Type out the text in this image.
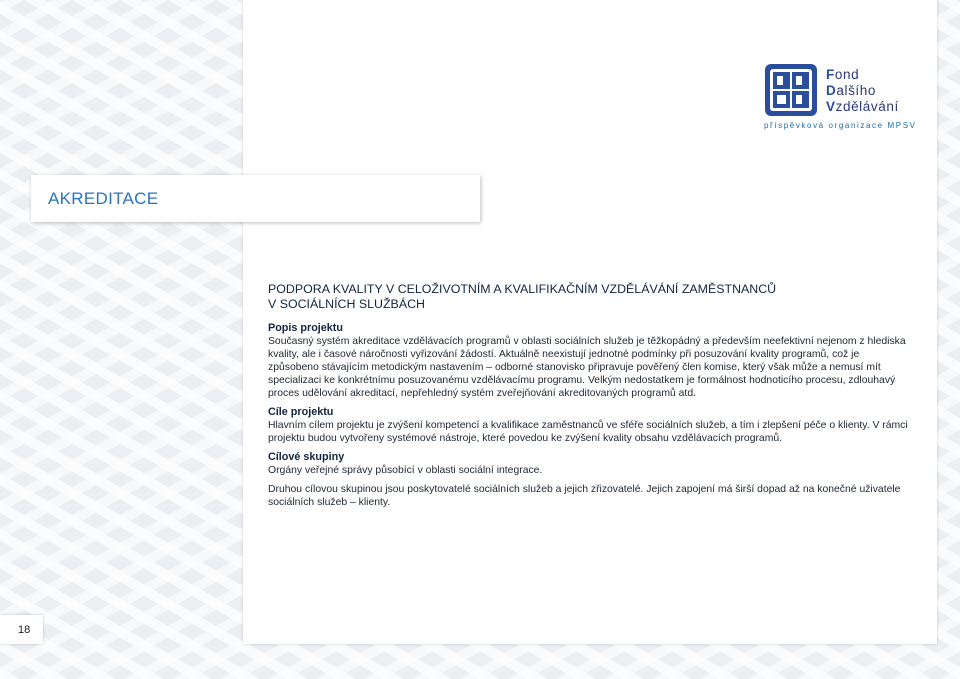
Fond
Dalšího
Vzdělávání
příspěvková organizace MPSV
AKREDITACE
PODPORA KVALITY V CELOŽIVOTNÍM A KVALIFIKAČNÍM VZDĚLÁVÁNÍ ZAMĚSTNANCŮ
V SOCIÁLNÍCH SLUŽBÁCH

Popis projektu

Současný systém akreditace vzdělávacích programů v oblasti sociálních služeb je těžkopádný a především neefektivní nejenom z hlediska kvality, ale i časové náročnosti vyřizování žádostí. Aktuálně neexistují jednotné podmínky při posuzování kvality programů, což je způsobeno stávajícím metodickým nastavením – odborné stanovisko připravuje pověřený člen komise, který však může a nemusí mít specializaci ke konkrétnímu posuzovanému vzdělávacímu programu. Velkým nedostatkem je formálnost hodnoticího procesu, zdlouhavý proces udělování akreditací, nepřehledný systém zveřejňování akreditovaných programů atd.

Cíle projektu

Hlavním cílem projektu je zvýšení kompetencí a kvalifikace zaměstnanců ve sféře sociálních služeb, a tím i zlepšení péče o klienty. V rámci projektu budou vytvořeny systémové nástroje, které povedou ke zvýšení kvality obsahu vzdělávacích programů.

Cílové skupiny

Orgány veřejné správy působící v oblasti sociální integrace.

Druhou cílovou skupinou jsou poskytovatelé sociálních služeb a jejich zřizovatelé. Jejich zapojení má širší dopad až na konečné uživatele sociálních služeb – klienty.

18
